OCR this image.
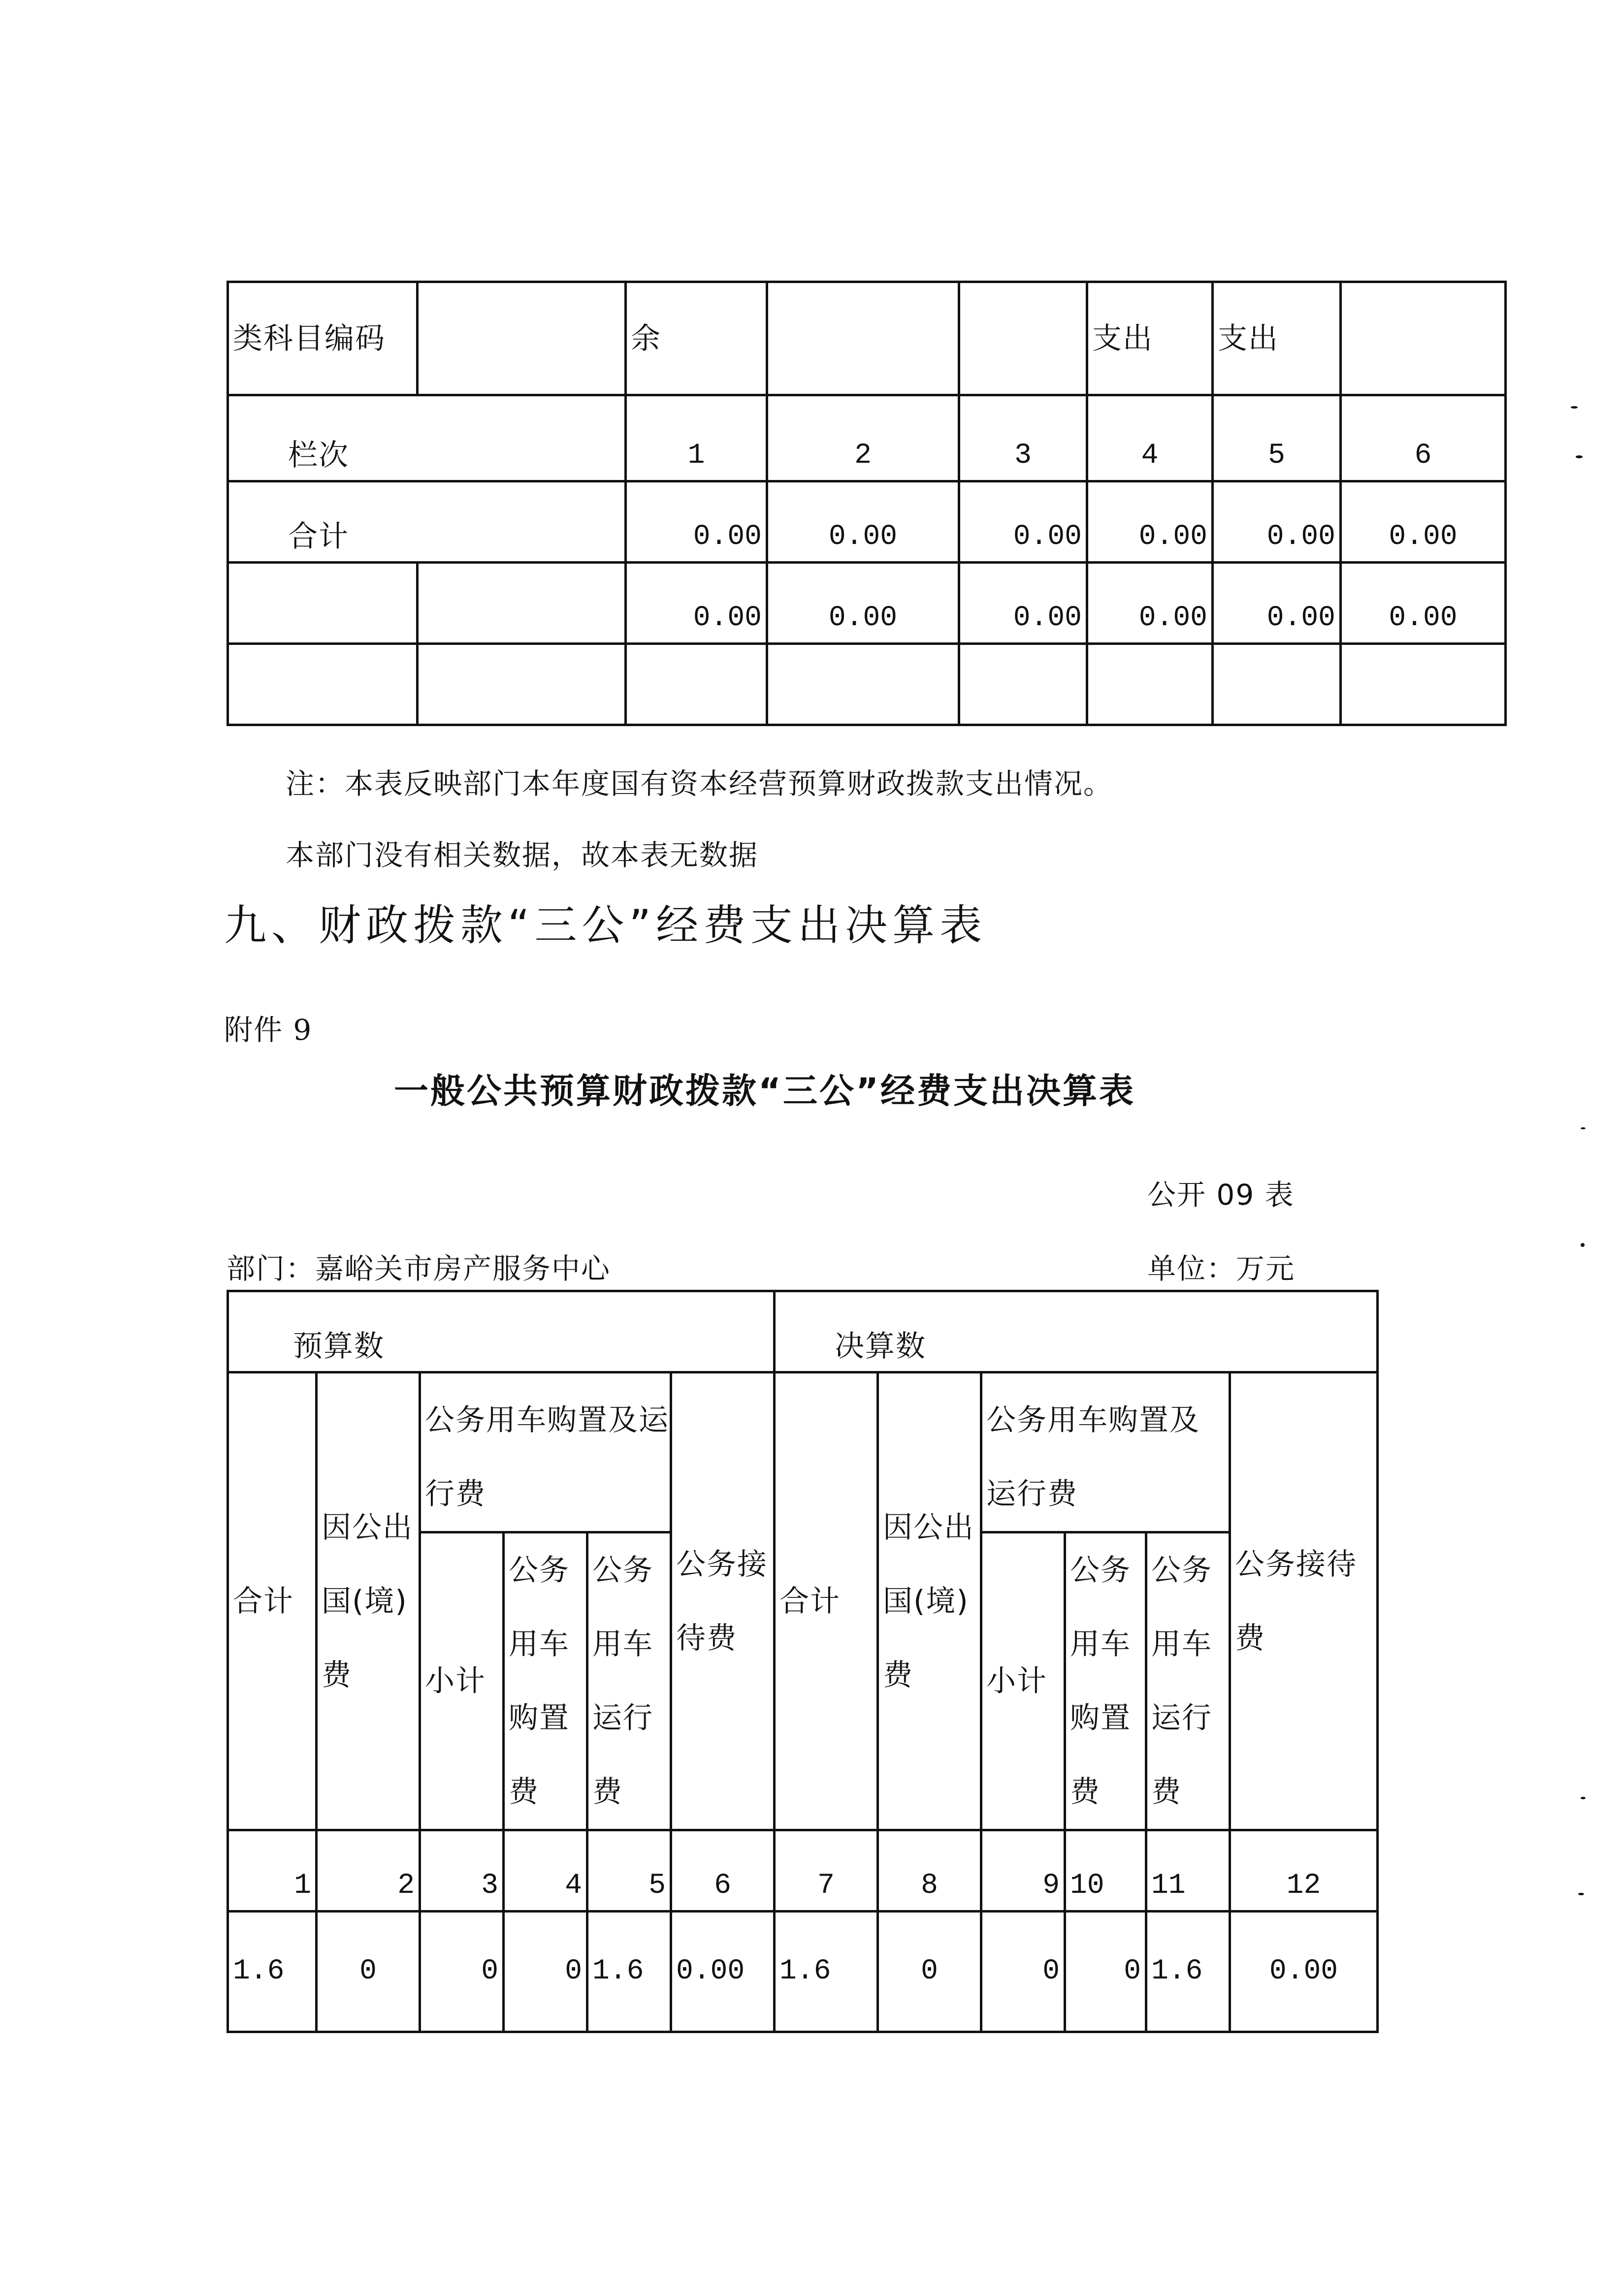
类科目编码		余			支出	支出	
栏次		1	2	3	4	5	6
合计		0.00	0.00	0.00	0.00	0.00	0.00
		0.00	0.00	0.00	0.00	0.00	0.00

注：本表反映部门本年度国有资本经营预算财政拨款支出情况。
本部门没有相关数据，故本表无数据
九、财政拨款“三公”经费支出决算表
附件 9
一般公共预算财政拨款“三公”经费支出决算表
公开 09 表
部门：嘉峪关市房产服务中心	单位：万元
预算数						决算数					
合计	因公出国(境)费	公务用车购置及运行费			公务接待费	合计	因公出国(境)费	公务用车购置及运行费			公务接待费
		小计	公务用车购置费	公务用车运行费				小计	公务用车购置费	公务用车运行费	
1	2	3	4	5	6	7	8	9	10	11	12
1.6	0	0	0	1.6	0.00	1.6	0	0	0	1.6	0.00
